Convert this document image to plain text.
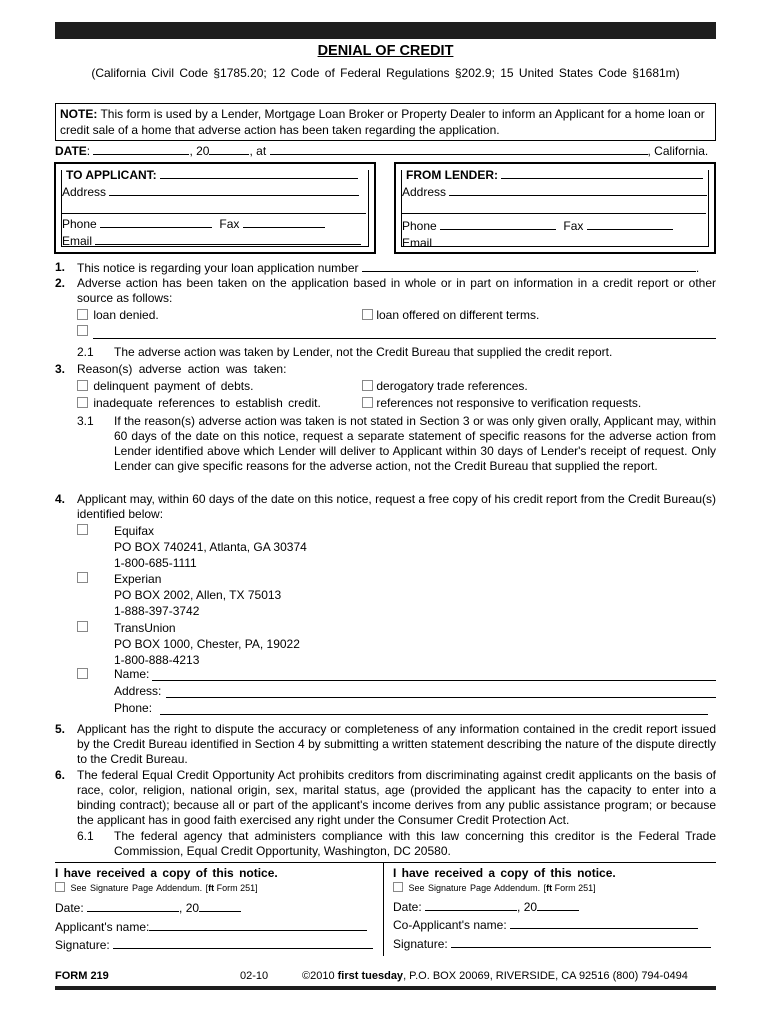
DENIAL OF CREDIT
(California Civil Code §1785.20; 12 Code of Federal Regulations §202.9; 15 United States Code §1681m)
NOTE: This form is used by a Lender, Mortgage Loan Broker or Property Dealer to inform an Applicant for a home loan or credit sale of a home that adverse action has been taken regarding the application.
DATE:	, 20	, at	, California.
TO APPLICANT:
Address
Phone	Fax
Email
FROM LENDER:
Address
Phone	Fax
Email
1. This notice is regarding your loan application number	.
2. Adverse action has been taken on the application based in whole or in part on information in a credit report or other source as follows:
loan denied.	loan offered on different terms.
2.1 The adverse action was taken by Lender, not the Credit Bureau that supplied the credit report.
3. Reason(s) adverse action was taken:
delinquent payment of debts.	derogatory trade references.
inadequate references to establish credit.	references not responsive to verification requests.
3.1 If the reason(s) adverse action was taken is not stated in Section 3 or was only given orally, Applicant may, within 60 days of the date on this notice, request a separate statement of specific reasons for the adverse action from Lender identified above which Lender will deliver to Applicant within 30 days of Lender's receipt of request. Only Lender can give specific reasons for the adverse action, not the Credit Bureau that supplied the report.
4. Applicant may, within 60 days of the date on this notice, request a free copy of his credit report from the Credit Bureau(s) identified below:
Equifax
PO BOX 740241, Atlanta, GA 30374
1-800-685-1111
Experian
PO BOX 2002, Allen, TX 75013
1-888-397-3742
TransUnion
PO BOX 1000, Chester, PA, 19022
1-800-888-4213
Name:
Address:
Phone:
5. Applicant has the right to dispute the accuracy or completeness of any information contained in the credit report issued by the Credit Bureau identified in Section 4 by submitting a written statement describing the nature of the dispute directly to the Credit Bureau.
6. The federal Equal Credit Opportunity Act prohibits creditors from discriminating against credit applicants on the basis of race, color, religion, national origin, sex, marital status, age (provided the applicant has the capacity to enter into a binding contract); because all or part of the applicant's income derives from any public assistance program; or because the applicant has in good faith exercised any right under the Consumer Credit Protection Act.
6.1 The federal agency that administers compliance with this law concerning this creditor is the Federal Trade Commission, Equal Credit Opportunity, Washington, DC 20580.
I have received a copy of this notice.
See Signature Page Addendum. [ft Form 251]
Date:	, 20
Applicant's name:
Signature:
I have received a copy of this notice.
See Signature Page Addendum. [ft Form 251]
Date:	, 20
Co-Applicant's name:
Signature:
FORM 219	02-10	©2010 first tuesday, P.O. BOX 20069, RIVERSIDE, CA 92516 (800) 794-0494
